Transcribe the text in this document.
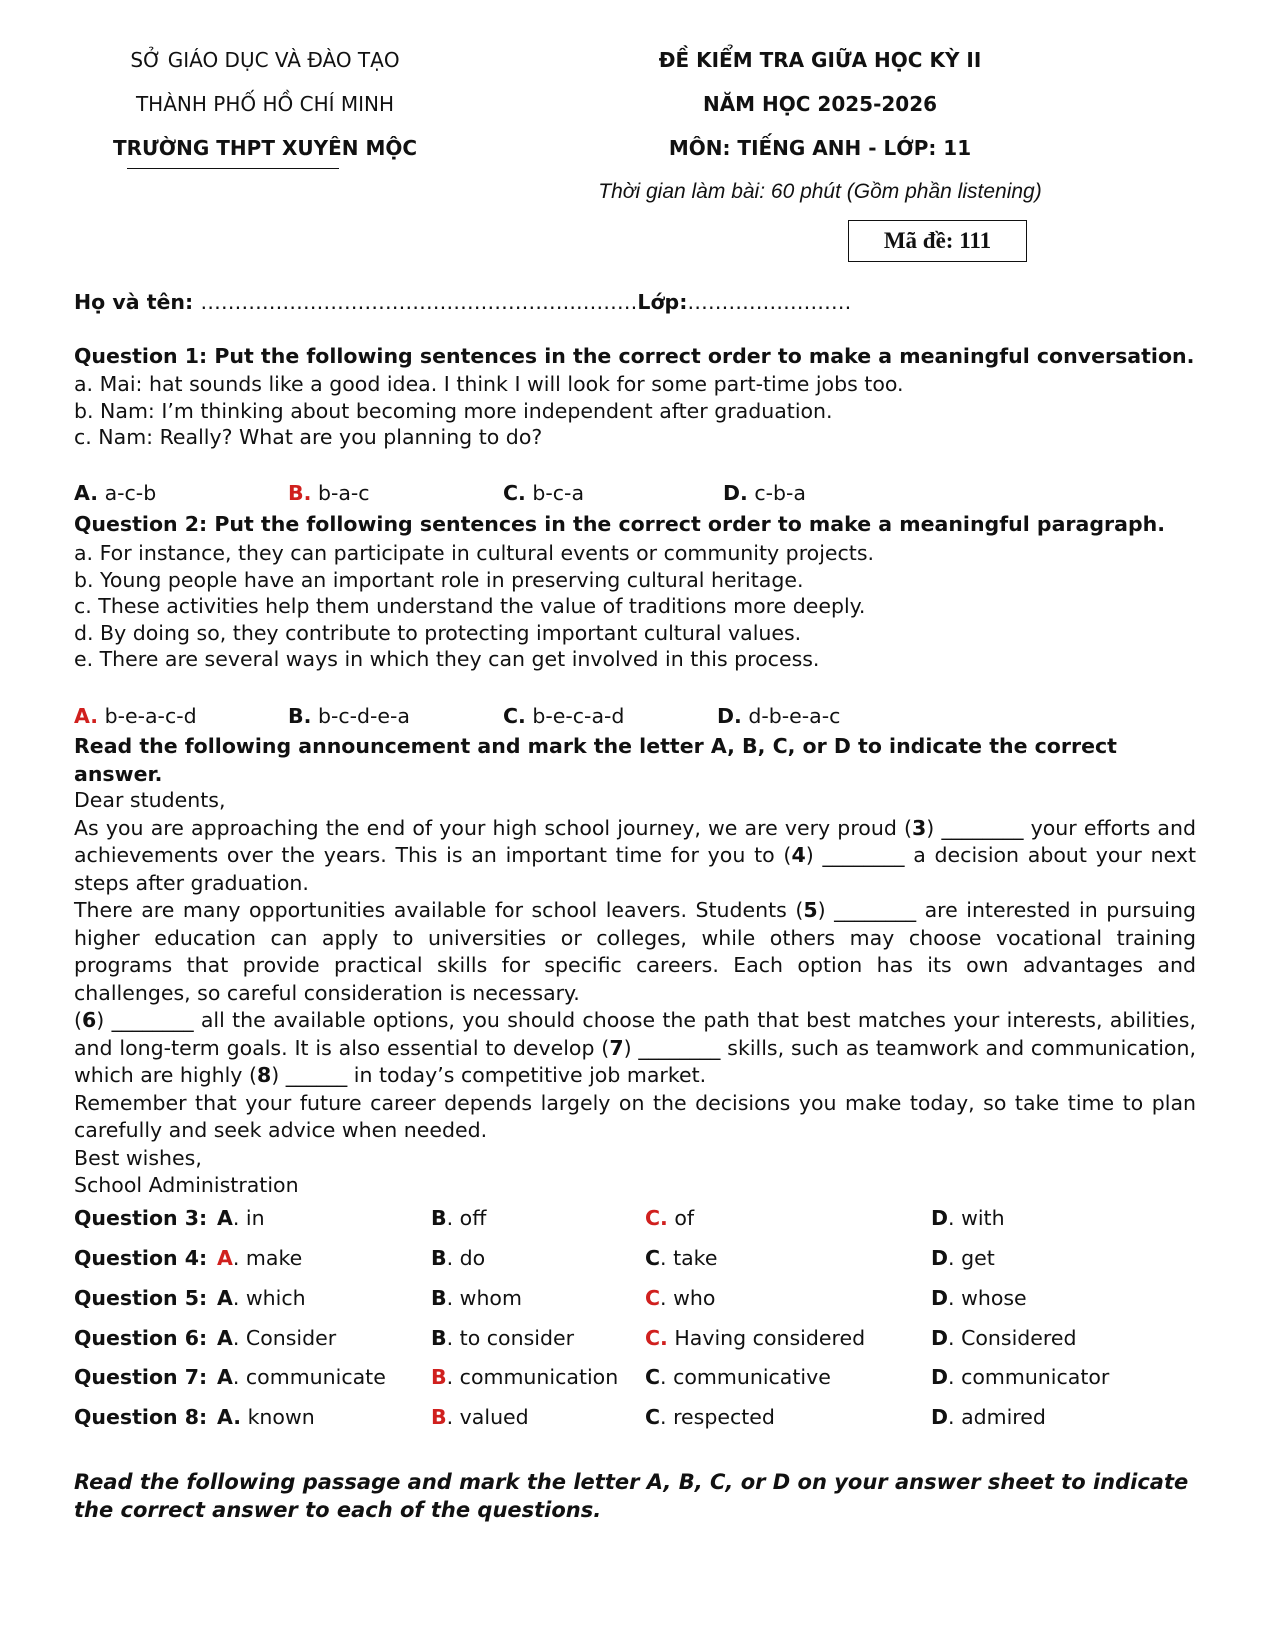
SỞ GIÁO DỤC VÀ ĐÀO TẠO
THÀNH PHỐ HỒ CHÍ MINH
TRƯỜNG THPT XUYÊN MỘC
ĐỀ KIỂM TRA GIỮA HỌC KỲ II
NĂM HỌC 2025-2026
MÔN: TIẾNG ANH - LỚP: 11
Thời gian làm bài: 60 phút (Gồm phần listening)
Mã đề: 111
Họ và tên: ……………………………………………….………Lớp:……………………
Question 1: Put the following sentences in the correct order to make a meaningful conversation.
a. Mai: hat sounds like a good idea. I think I will look for some part-time jobs too.
b. Nam: I’m thinking about becoming more independent after graduation.
c. Nam: Really? What are you planning to do?
A. a-c-b	B. b-a-c	C. b-c-a	D. c-b-a
Question 2: Put the following sentences in the correct order to make a meaningful paragraph.
a. For instance, they can participate in cultural events or community projects.
b. Young people have an important role in preserving cultural heritage.
c. These activities help them understand the value of traditions more deeply.
d. By doing so, they contribute to protecting important cultural values.
e. There are several ways in which they can get involved in this process.
A. b-e-a-c-d	B. b-c-d-e-a	C. b-e-c-a-d	D. d-b-e-a-c
Read the following announcement and mark the letter A, B, C, or D to indicate the correct answer.
Dear students,
As you are approaching the end of your high school journey, we are very proud (3) ________ your efforts and achievements over the years. This is an important time for you to (4) ________ a decision about your next steps after graduation.
There are many opportunities available for school leavers. Students (5) ________ are interested in pursuing higher education can apply to universities or colleges, while others may choose vocational training programs that provide practical skills for specific careers. Each option has its own advantages and challenges, so careful consideration is necessary.
(6) ________ all the available options, you should choose the path that best matches your interests, abilities, and long-term goals. It is also essential to develop (7) ________ skills, such as teamwork and communication, which are highly (8) ______ in today’s competitive job market.
Remember that your future career depends largely on the decisions you make today, so take time to plan carefully and seek advice when needed.
Best wishes,
School Administration
Question 3: A. in	B. off	C. of	D. with
Question 4: A. make	B. do	C. take	D. get
Question 5: A. which	B. whom	C. who	D. whose
Question 6: A. Consider	B. to consider	C. Having considered	D. Considered
Question 7: A. communicate B. communication C. communicative	D. communicator
Question 8: A. known	B. valued	C. respected	D. admired
Read the following passage and mark the letter A, B, C, or D on your answer sheet to indicate the correct answer to each of the questions.
